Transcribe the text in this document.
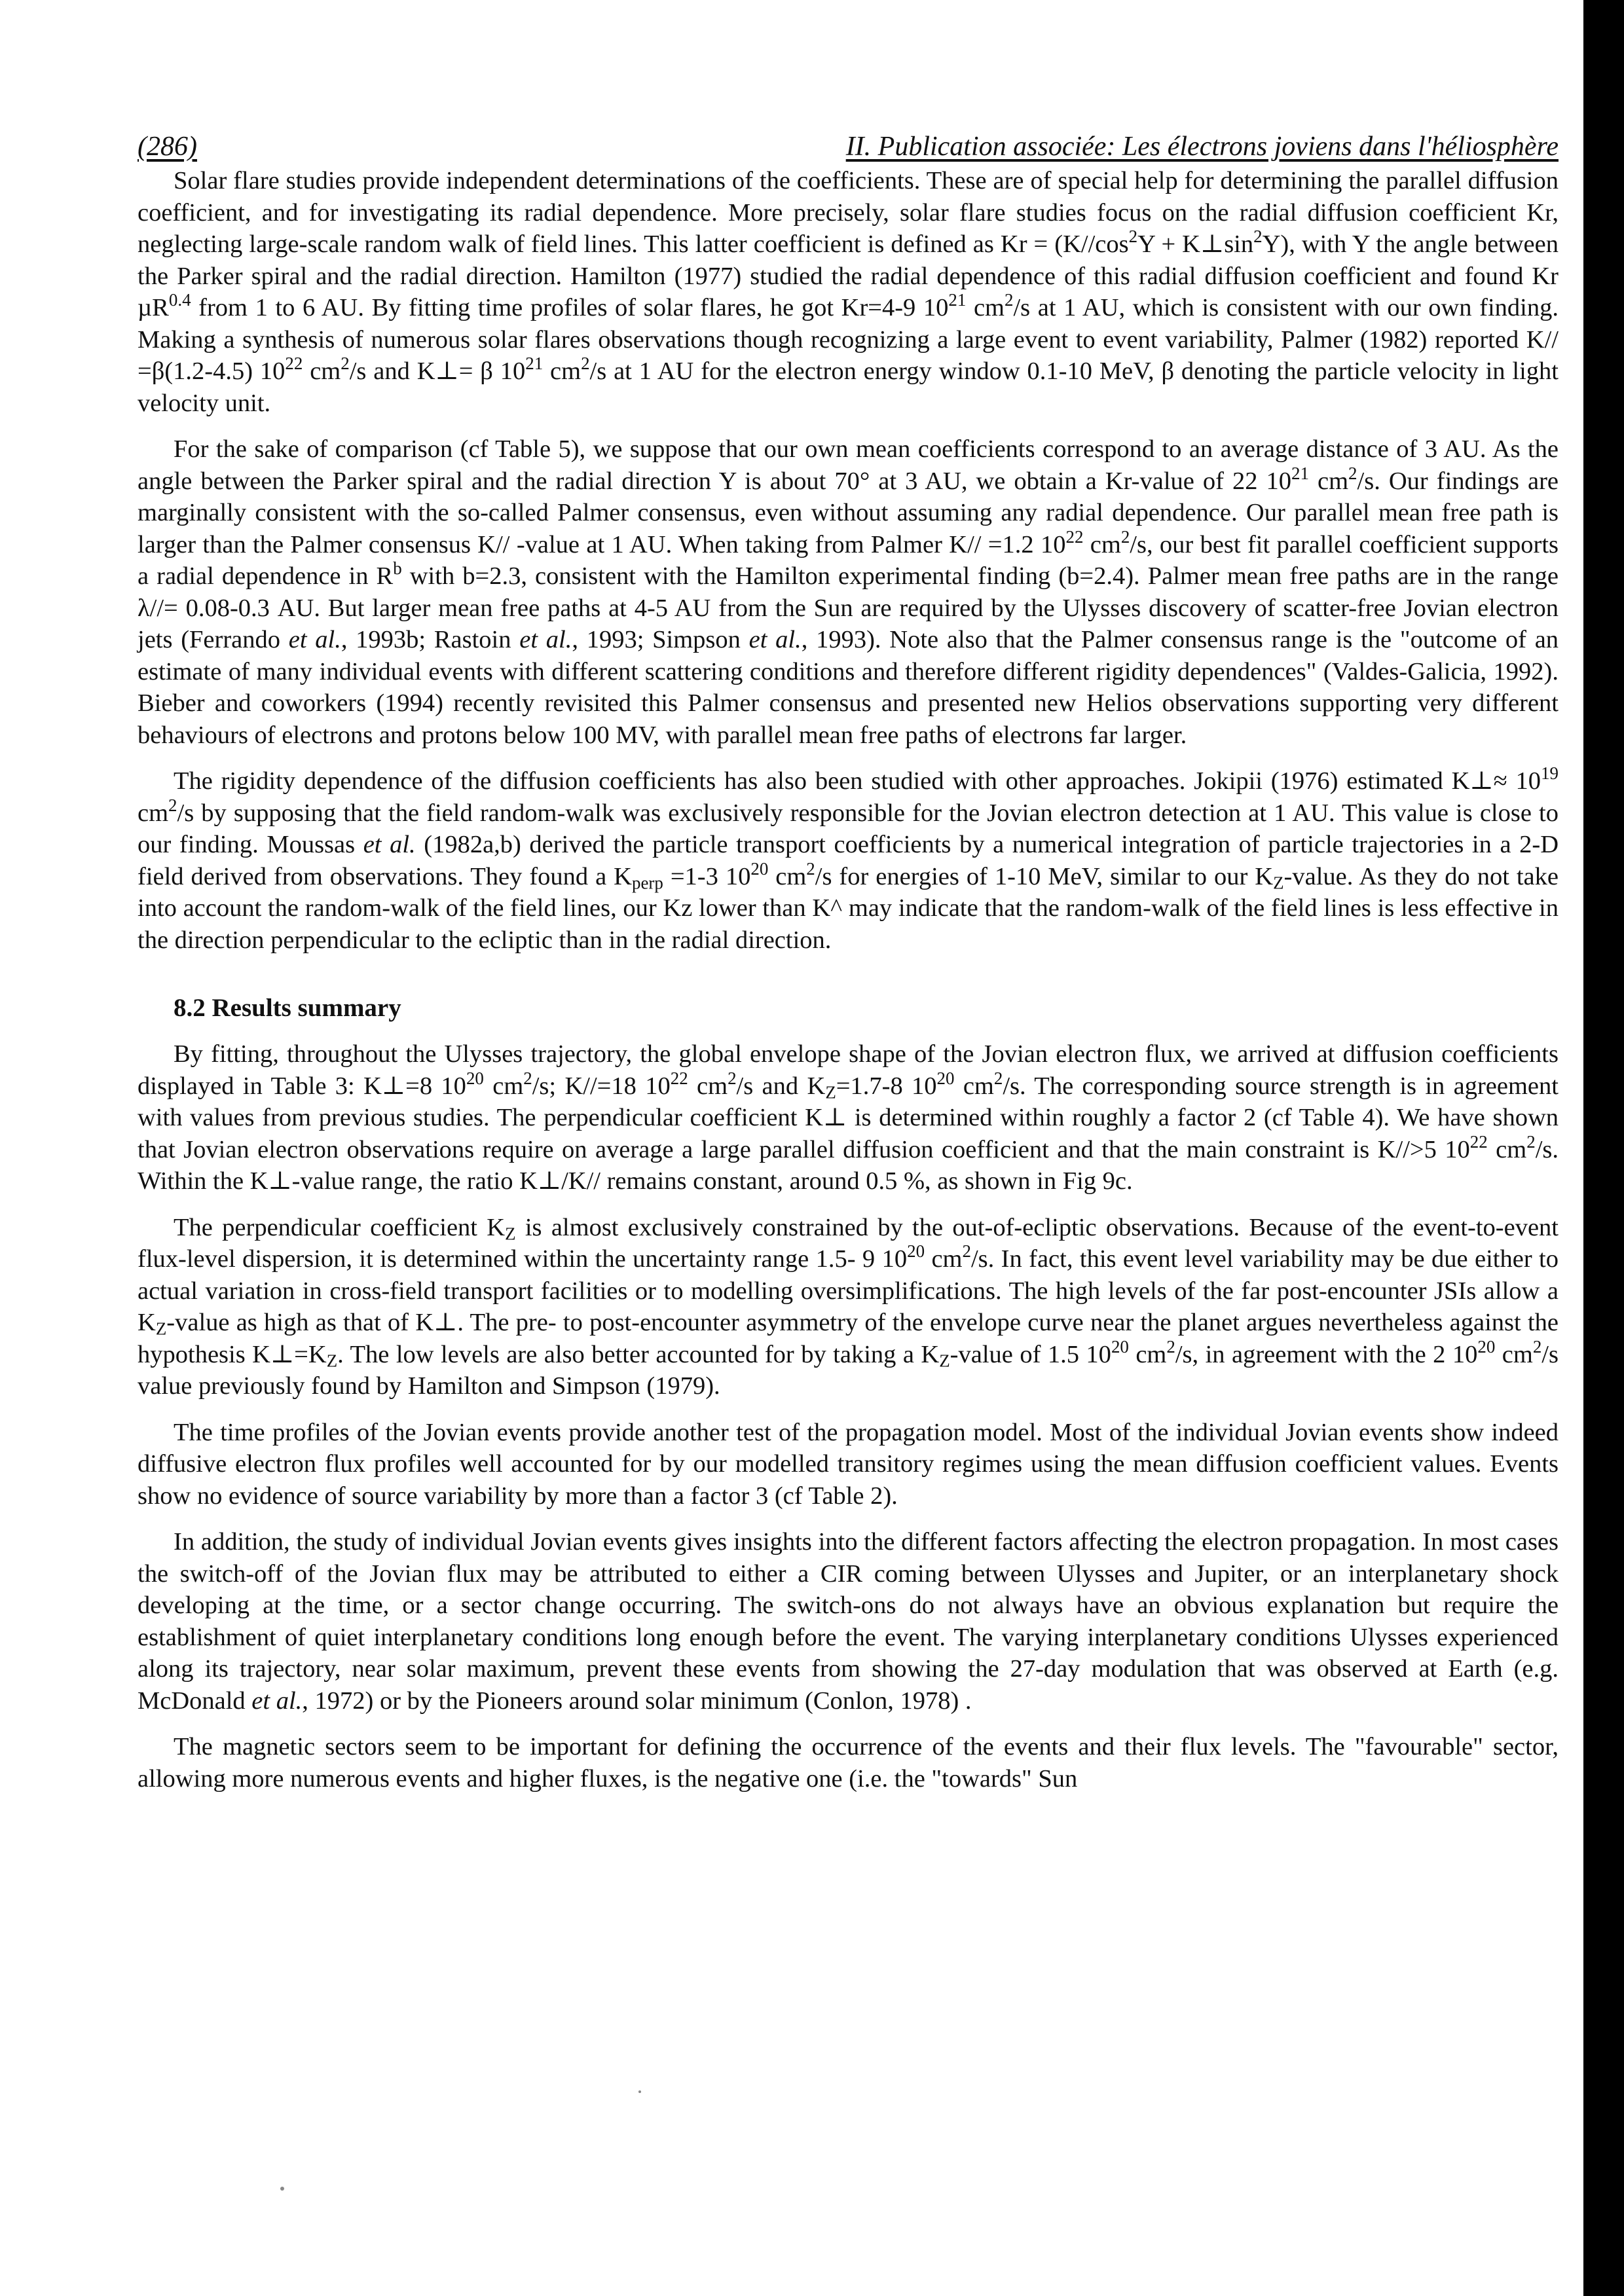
(286)	II. Publication associée: Les électrons joviens dans l'héliosphère

Solar flare studies provide independent determinations of the coefficients. These are of special help for determining the parallel diffusion coefficient, and for investigating its radial dependence. More precisely, solar flare studies focus on the radial diffusion coefficient Kr, neglecting large-scale random walk of field lines. This latter coefficient is defined as $Kr = (K//\cos^2Y$ + $K\perp\sin^2Y$), with Y the angle between the Parker spiral and the radial direction. Hamilton (1977) studied the radial dependence of this radial diffusion coefficient and found Kr µR$^{0.4}$ from 1 to 6 AU. By fitting time profiles of solar flares, he got Kr=4-9 $10^{21}$ $cm^2/s$ at 1 AU, which is consistent with our own finding. Making a synthesis of numerous solar flares observations though recognizing a large event to event variability, Palmer (1982) reported K// =β(1.2-4.5) $10^{22}$ $cm^2/s$ and K⊥= β $10^{21}$ $cm^2/s$ at 1 AU for the electron energy window 0.1-10 MeV, β denoting the particle velocity in light velocity unit.

For the sake of comparison (cf Table 5), we suppose that our own mean coefficients correspond to an average distance of 3 AU. As the angle between the Parker spiral and the radial direction Y is about 70° at 3 AU, we obtain a Kr-value of 22 $10^{21}$ $cm^2/s$. Our findings are marginally consistent with the so-called Palmer consensus, even without assuming any radial dependence. Our parallel mean free path is larger than the Palmer consensus K// -value at 1 AU. When taking from Palmer K// =1.2 $10^{22}$ $cm^2/s$, our best fit parallel coefficient supports a radial dependence in $R^b$ with b=2.3, consistent with the Hamilton experimental finding (b=2.4). Palmer mean free paths are in the range λ//= 0.08-0.3 AU. But larger mean free paths at 4-5 AU from the Sun are required by the Ulysses discovery of scatter-free Jovian electron jets (Ferrando et al., 1993b; Rastoin et al., 1993; Simpson et al., 1993). Note also that the Palmer consensus range is the "outcome of an estimate of many individual events with different scattering conditions and therefore different rigidity dependences" (Valdes-Galicia, 1992). Bieber and coworkers (1994) recently revisited this Palmer consensus and presented new Helios observations supporting very different behaviours of electrons and protons below 100 MV, with parallel mean free paths of electrons far larger.

The rigidity dependence of the diffusion coefficients has also been studied with other approaches. Jokipii (1976) estimated K⊥≈ $10^{19}$ $cm^2/s$ by supposing that the field random-walk was exclusively responsible for the Jovian electron detection at 1 AU. This value is close to our finding. Moussas et al. (1982a,b) derived the particle transport coefficients by a numerical integration of particle trajectories in a 2-D field derived from observations. They found a $K_{perp} =1-3$ $10^{20}$ $cm^2/s$ for energies of 1-10 MeV, similar to our $K_Z$-value. As they do not take into account the random-walk of the field lines, our Kz lower than K^ may indicate that the random-walk of the field lines is less effective in the direction perpendicular to the ecliptic than in the radial direction.

8.2 Results summary

By fitting, throughout the Ulysses trajectory, the global envelope shape of the Jovian electron flux, we arrived at diffusion coefficients displayed in Table 3: K⊥=8 $10^{20}$ $cm^2/s$; K//=18 $10^{22}$ $cm^2/s$ and $K_Z=1.7-8$ $10^{20}$ $cm^2/s$. The corresponding source strength is in agreement with values from previous studies. The perpendicular coefficient K⊥ is determined within roughly a factor 2 (cf Table 4). We have shown that Jovian electron observations require on average a large parallel diffusion coefficient and that the main constraint is K//>5 $10^{22}$ $cm^2/s$. Within the K⊥-value range, the ratio K⊥/K// remains constant, around 0.5 %, as shown in Fig 9c.

The perpendicular coefficient $K_Z$ is almost exclusively constrained by the out-of-ecliptic observations. Because of the event-to-event flux-level dispersion, it is determined within the uncertainty range 1.5- 9 $10^{20}$ $cm^2/s$. In fact, this event level variability may be due either to actual variation in cross-field transport facilities or to modelling oversimplifications. The high levels of the far post-encounter JSIs allow a $K_Z$-value as high as that of K⊥. The pre- to post-encounter asymmetry of the envelope curve near the planet argues nevertheless against the hypothesis $K\perp=K_Z$. The low levels are also better accounted for by taking a $K_Z$-value of 1.5 $10^{20}$ $cm^2/s$, in agreement with the 2 $10^{20}$ $cm^2/s$ value previously found by Hamilton and Simpson (1979).

The time profiles of the Jovian events provide another test of the propagation model. Most of the individual Jovian events show indeed diffusive electron flux profiles well accounted for by our modelled transitory regimes using the mean diffusion coefficient values. Events show no evidence of source variability by more than a factor 3 (cf Table 2).

In addition, the study of individual Jovian events gives insights into the different factors affecting the electron propagation. In most cases the switch-off of the Jovian flux may be attributed to either a CIR coming between Ulysses and Jupiter, or an interplanetary shock developing at the time, or a sector change occurring. The switch-ons do not always have an obvious explanation but require the establishment of quiet interplanetary conditions long enough before the event. The varying interplanetary conditions Ulysses experienced along its trajectory, near solar maximum, prevent these events from showing the 27-day modulation that was observed at Earth (e.g. McDonald et al., 1972) or by the Pioneers around solar minimum (Conlon, 1978) .

The magnetic sectors seem to be important for defining the occurrence of the events and their flux levels. The "favourable" sector, allowing more numerous events and higher fluxes, is the negative one (i.e. the "towards" Sun
